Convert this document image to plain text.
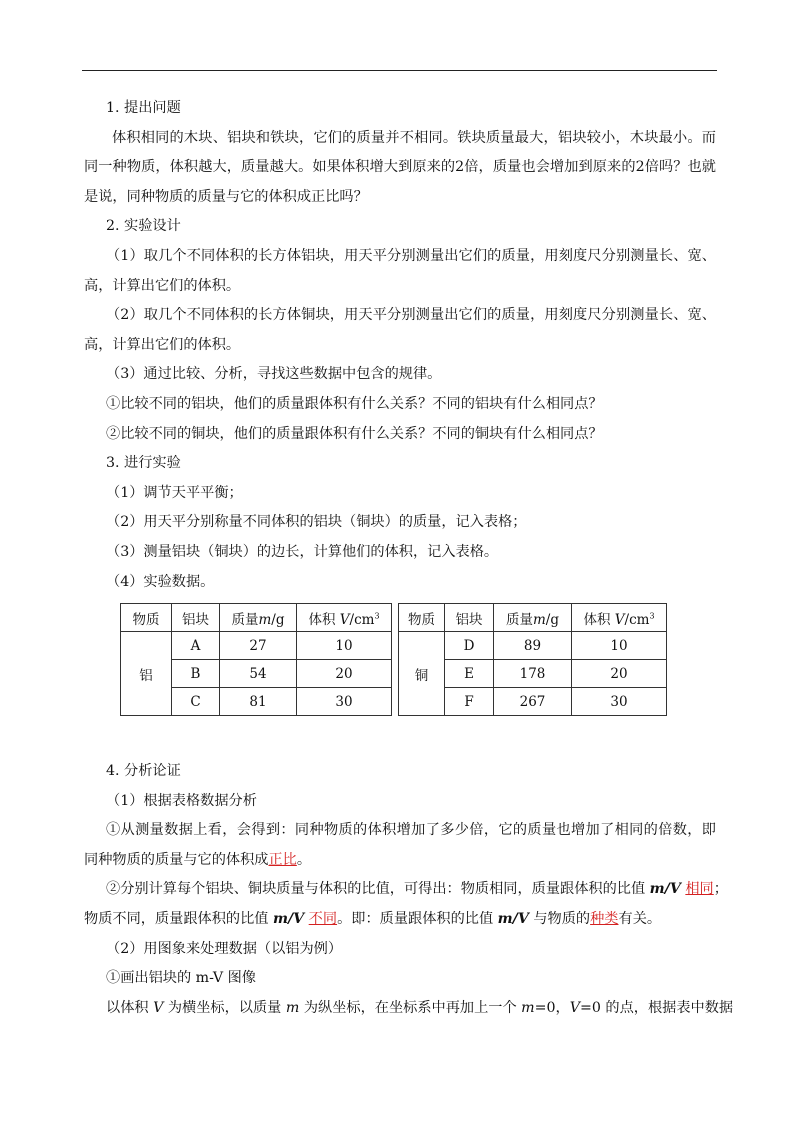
1. 提出问题
体积相同的木块、铝块和铁块，它们的质量并不相同。铁块质量最大，铝块较小，木块最小。而
同一种物质，体积越大，质量越大。如果体积增大到原来的2倍，质量也会增加到原来的2倍吗？也就
是说，同种物质的质量与它的体积成正比吗？
2. 实验设计
（1）取几个不同体积的长方体铝块，用天平分别测量出它们的质量，用刻度尺分别测量长、宽、
高，计算出它们的体积。
（2）取几个不同体积的长方体铜块，用天平分别测量出它们的质量，用刻度尺分别测量长、宽、
高，计算出它们的体积。
（3）通过比较、分析，寻找这些数据中包含的规律。
①比较不同的铝块，他们的质量跟体积有什么关系？不同的铝块有什么相同点？
②比较不同的铜块，他们的质量跟体积有什么关系？不同的铜块有什么相同点？
3. 进行实验
（1）调节天平平衡；
（2）用天平分别称量不同体积的铝块（铜块）的质量，记入表格；
（3）测量铝块（铜块）的边长，计算他们的体积，记入表格。
（4）实验数据。
物质	铝块	质量m/g	体积 $V/cm^3$
铝	A	27	10
	B	54	20
	C	81	30
物质	铝块	质量m/g	体积 $V/cm^3$
铜	D	89	10
	E	178	20
	F	267	30
4. 分析论证
（1）根据表格数据分析
①从测量数据上看，会得到：同种物质的体积增加了多少倍，它的质量也增加了相同的倍数，即
同种物质的质量与它的体积成正比。
②分别计算每个铝块、铜块质量与体积的比值，可得出：物质相同，质量跟体积的比值 m/V 相同；
物质不同，质量跟体积的比值 m/V 不同。即：质量跟体积的比值 m/V 与物质的种类有关。
（2）用图象来处理数据（以铝为例）
①画出铝块的 m-V 图像
以体积 V 为横坐标，以质量 m 为纵坐标，在坐标系中再加上一个 m=0，V=0 的点，根据表中数据
